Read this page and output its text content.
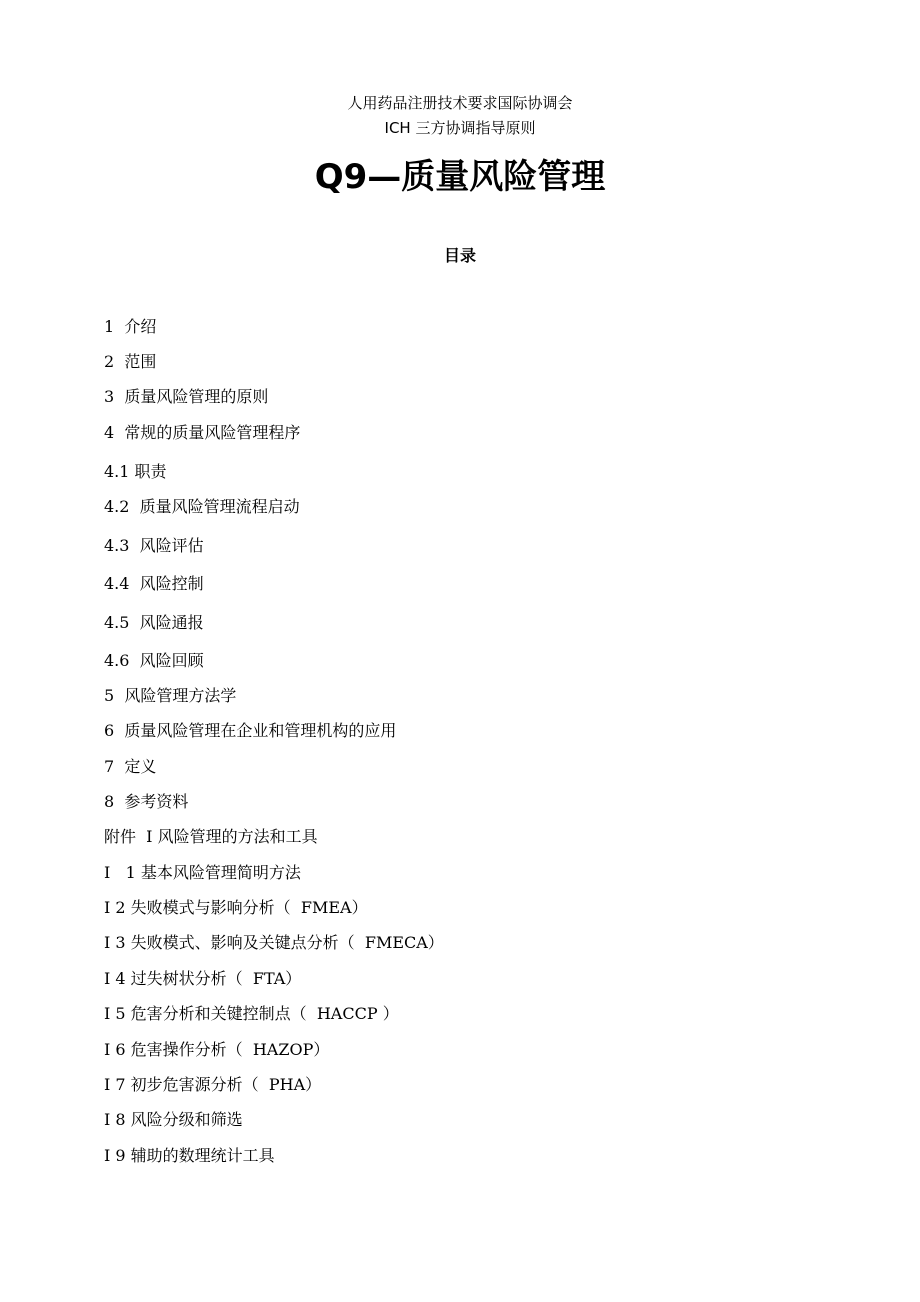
人用药品注册技术要求国际协调会
ICH 三方协调指导原则
Q9—质量风险管理
目录
1  介绍
2  范围
3  质量风险管理的原则
4  常规的质量风险管理程序
4.1 职责
4.2  质量风险管理流程启动
4.3  风险评估
4.4  风险控制
4.5  风险通报
4.6  风险回顾
5  风险管理方法学
6  质量风险管理在企业和管理机构的应用
7  定义
8  参考资料
附件  I 风险管理的方法和工具
I   1 基本风险管理简明方法
I 2 失败模式与影响分析（  FMEA）
I 3 失败模式、影响及关键点分析（  FMECA）
I 4 过失树状分析（  FTA）
I 5 危害分析和关键控制点（  HACCP ）
I 6 危害操作分析（  HAZOP）
I 7 初步危害源分析（  PHA）
I 8 风险分级和筛选
I 9 辅助的数理统计工具
